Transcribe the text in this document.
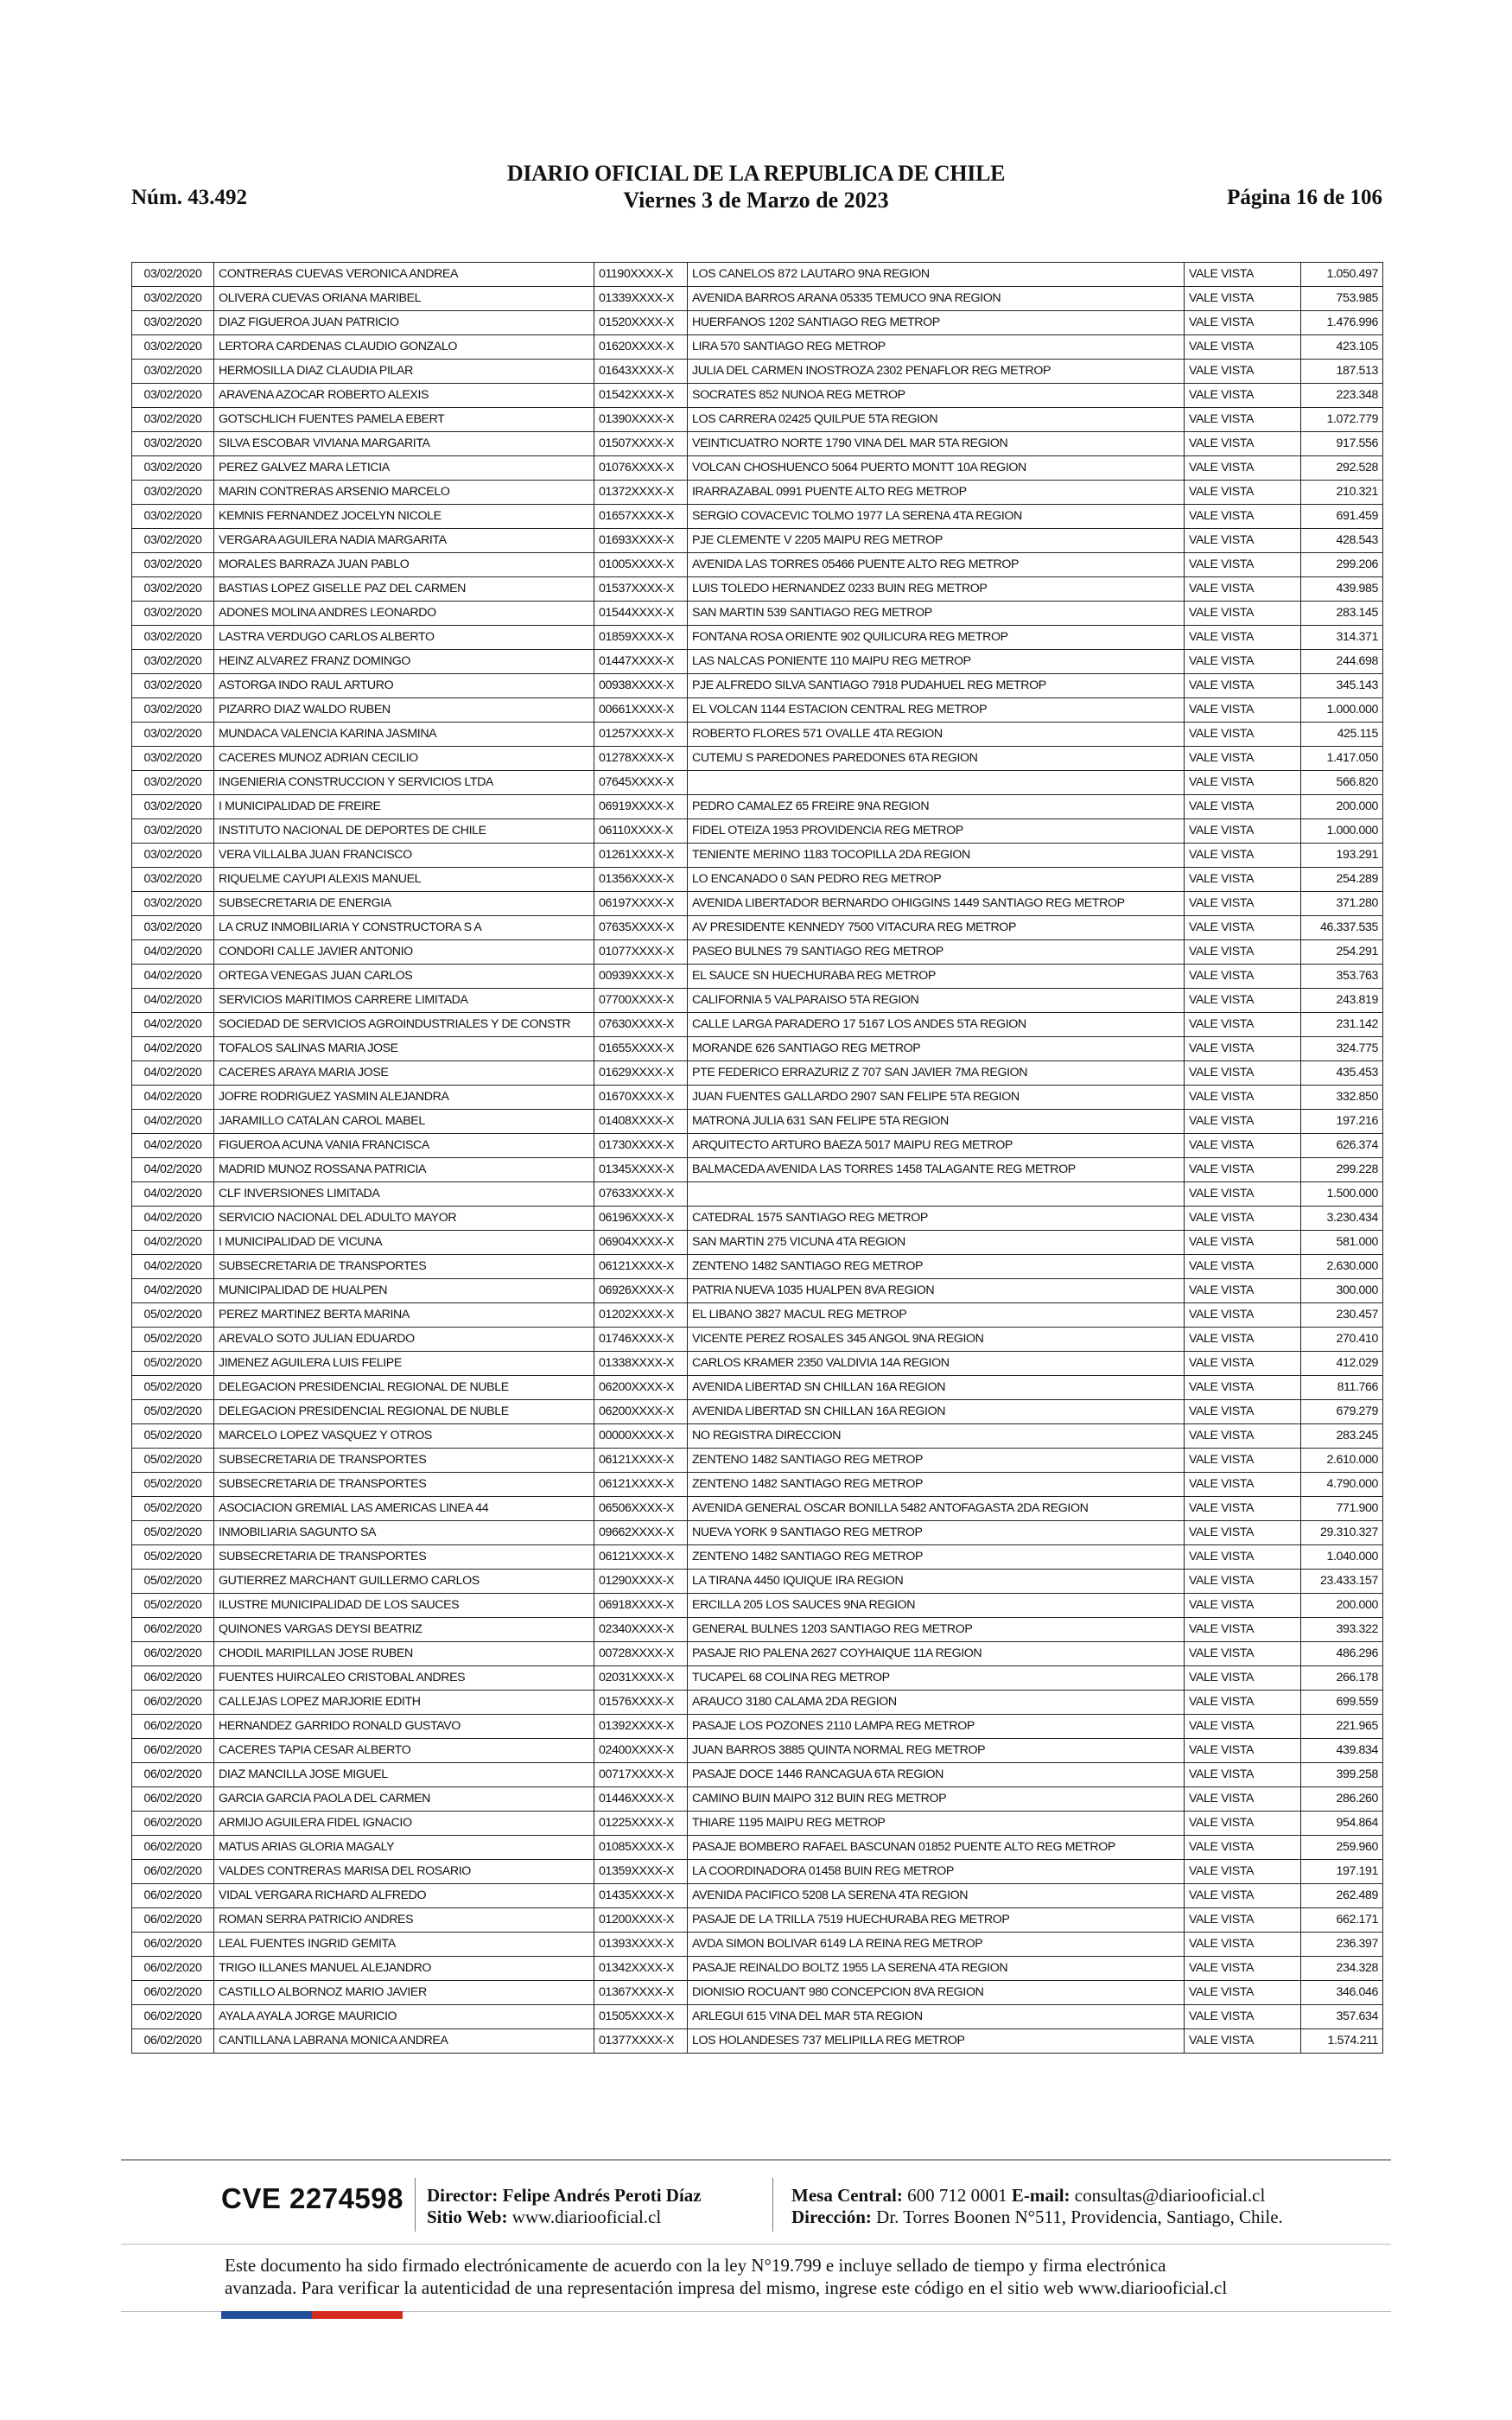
Núm. 43.492
DIARIO OFICIAL DE LA REPUBLICA DE CHILE
Viernes 3 de Marzo de 2023	Página 16 de 106
03/02/2020	CONTRERAS CUEVAS VERONICA ANDREA	01190XXXX-X	LOS CANELOS 872 LAUTARO 9NA REGION	VALE VISTA	1.050.497
03/02/2020	OLIVERA CUEVAS ORIANA MARIBEL	01339XXXX-X	AVENIDA BARROS ARANA 05335 TEMUCO 9NA REGION	VALE VISTA	753.985
03/02/2020	DIAZ FIGUEROA JUAN PATRICIO	01520XXXX-X	HUERFANOS 1202 SANTIAGO REG METROP	VALE VISTA	1.476.996
03/02/2020	LERTORA CARDENAS CLAUDIO GONZALO	01620XXXX-X	LIRA 570 SANTIAGO REG METROP	VALE VISTA	423.105
03/02/2020	HERMOSILLA DIAZ CLAUDIA PILAR	01643XXXX-X	JULIA DEL CARMEN INOSTROZA 2302 PENAFLOR REG METROP	VALE VISTA	187.513
03/02/2020	ARAVENA AZOCAR ROBERTO ALEXIS	01542XXXX-X	SOCRATES 852 NUNOA REG METROP	VALE VISTA	223.348
03/02/2020	GOTSCHLICH FUENTES PAMELA EBERT	01390XXXX-X	LOS CARRERA 02425 QUILPUE 5TA REGION	VALE VISTA	1.072.779
03/02/2020	SILVA ESCOBAR VIVIANA MARGARITA	01507XXXX-X	VEINTICUATRO NORTE 1790 VINA DEL MAR 5TA REGION	VALE VISTA	917.556
03/02/2020	PEREZ GALVEZ MARA LETICIA	01076XXXX-X	VOLCAN CHOSHUENCO 5064 PUERTO MONTT 10A REGION	VALE VISTA	292.528
03/02/2020	MARIN CONTRERAS ARSENIO MARCELO	01372XXXX-X	IRARRAZABAL 0991 PUENTE ALTO REG METROP	VALE VISTA	210.321
03/02/2020	KEMNIS FERNANDEZ JOCELYN NICOLE	01657XXXX-X	SERGIO COVACEVIC TOLMO 1977 LA SERENA 4TA REGION	VALE VISTA	691.459
03/02/2020	VERGARA AGUILERA NADIA MARGARITA	01693XXXX-X	PJE CLEMENTE V 2205 MAIPU REG METROP	VALE VISTA	428.543
03/02/2020	MORALES BARRAZA JUAN PABLO	01005XXXX-X	AVENIDA LAS TORRES 05466 PUENTE ALTO REG METROP	VALE VISTA	299.206
03/02/2020	BASTIAS LOPEZ GISELLE PAZ DEL CARMEN	01537XXXX-X	LUIS TOLEDO HERNANDEZ 0233 BUIN REG METROP	VALE VISTA	439.985
03/02/2020	ADONES MOLINA ANDRES LEONARDO	01544XXXX-X	SAN MARTIN 539 SANTIAGO REG METROP	VALE VISTA	283.145
03/02/2020	LASTRA VERDUGO CARLOS ALBERTO	01859XXXX-X	FONTANA ROSA ORIENTE 902 QUILICURA REG METROP	VALE VISTA	314.371
03/02/2020	HEINZ ALVAREZ FRANZ DOMINGO	01447XXXX-X	LAS NALCAS PONIENTE 110 MAIPU REG METROP	VALE VISTA	244.698
03/02/2020	ASTORGA INDO RAUL ARTURO	00938XXXX-X	PJE ALFREDO SILVA SANTIAGO 7918 PUDAHUEL REG METROP	VALE VISTA	345.143
03/02/2020	PIZARRO DIAZ WALDO RUBEN	00661XXXX-X	EL VOLCAN 1144 ESTACION CENTRAL REG METROP	VALE VISTA	1.000.000
03/02/2020	MUNDACA VALENCIA KARINA JASMINA	01257XXXX-X	ROBERTO FLORES 571 OVALLE 4TA REGION	VALE VISTA	425.115
03/02/2020	CACERES MUNOZ ADRIAN CECILIO	01278XXXX-X	CUTEMU S PAREDONES PAREDONES 6TA REGION	VALE VISTA	1.417.050
03/02/2020	INGENIERIA CONSTRUCCION Y SERVICIOS LTDA	07645XXXX-X		VALE VISTA	566.820
03/02/2020	I MUNICIPALIDAD DE FREIRE	06919XXXX-X	PEDRO CAMALEZ 65 FREIRE 9NA REGION	VALE VISTA	200.000
03/02/2020	INSTITUTO NACIONAL DE DEPORTES DE CHILE	06110XXXX-X	FIDEL OTEIZA 1953 PROVIDENCIA REG METROP	VALE VISTA	1.000.000
03/02/2020	VERA VILLALBA JUAN FRANCISCO	01261XXXX-X	TENIENTE MERINO 1183 TOCOPILLA 2DA REGION	VALE VISTA	193.291
03/02/2020	RIQUELME CAYUPI ALEXIS MANUEL	01356XXXX-X	LO ENCANADO 0 SAN PEDRO REG METROP	VALE VISTA	254.289
03/02/2020	SUBSECRETARIA DE ENERGIA	06197XXXX-X	AVENIDA LIBERTADOR BERNARDO OHIGGINS 1449 SANTIAGO REG METROP	VALE VISTA	371.280
03/02/2020	LA CRUZ INMOBILIARIA Y CONSTRUCTORA S A	07635XXXX-X	AV PRESIDENTE KENNEDY 7500 VITACURA REG METROP	VALE VISTA	46.337.535
04/02/2020	CONDORI CALLE JAVIER ANTONIO	01077XXXX-X	PASEO BULNES 79 SANTIAGO REG METROP	VALE VISTA	254.291
04/02/2020	ORTEGA VENEGAS JUAN CARLOS	00939XXXX-X	EL SAUCE SN HUECHURABA REG METROP	VALE VISTA	353.763
04/02/2020	SERVICIOS MARITIMOS CARRERE LIMITADA	07700XXXX-X	CALIFORNIA 5 VALPARAISO 5TA REGION	VALE VISTA	243.819
04/02/2020	SOCIEDAD DE SERVICIOS AGROINDUSTRIALES Y DE CONSTR	07630XXXX-X	CALLE LARGA PARADERO 17 5167 LOS ANDES 5TA REGION	VALE VISTA	231.142
04/02/2020	TOFALOS SALINAS MARIA JOSE	01655XXXX-X	MORANDE 626 SANTIAGO REG METROP	VALE VISTA	324.775
04/02/2020	CACERES ARAYA MARIA JOSE	01629XXXX-X	PTE FEDERICO ERRAZURIZ Z 707 SAN JAVIER 7MA REGION	VALE VISTA	435.453
04/02/2020	JOFRE RODRIGUEZ YASMIN ALEJANDRA	01670XXXX-X	JUAN FUENTES GALLARDO 2907 SAN FELIPE 5TA REGION	VALE VISTA	332.850
04/02/2020	JARAMILLO CATALAN CAROL MABEL	01408XXXX-X	MATRONA JULIA 631 SAN FELIPE 5TA REGION	VALE VISTA	197.216
04/02/2020	FIGUEROA ACUNA VANIA FRANCISCA	01730XXXX-X	ARQUITECTO ARTURO BAEZA 5017 MAIPU REG METROP	VALE VISTA	626.374
04/02/2020	MADRID MUNOZ ROSSANA PATRICIA	01345XXXX-X	BALMACEDA AVENIDA LAS TORRES 1458 TALAGANTE REG METROP	VALE VISTA	299.228
04/02/2020	CLF INVERSIONES LIMITADA	07633XXXX-X		VALE VISTA	1.500.000
04/02/2020	SERVICIO NACIONAL DEL ADULTO MAYOR	06196XXXX-X	CATEDRAL 1575 SANTIAGO REG METROP	VALE VISTA	3.230.434
04/02/2020	I MUNICIPALIDAD DE VICUNA	06904XXXX-X	SAN MARTIN 275 VICUNA 4TA REGION	VALE VISTA	581.000
04/02/2020	SUBSECRETARIA DE TRANSPORTES	06121XXXX-X	ZENTENO 1482 SANTIAGO REG METROP	VALE VISTA	2.630.000
04/02/2020	MUNICIPALIDAD DE HUALPEN	06926XXXX-X	PATRIA NUEVA 1035 HUALPEN 8VA REGION	VALE VISTA	300.000
05/02/2020	PEREZ MARTINEZ BERTA MARINA	01202XXXX-X	EL LIBANO 3827 MACUL REG METROP	VALE VISTA	230.457
05/02/2020	AREVALO SOTO JULIAN EDUARDO	01746XXXX-X	VICENTE PEREZ ROSALES 345 ANGOL 9NA REGION	VALE VISTA	270.410
05/02/2020	JIMENEZ AGUILERA LUIS FELIPE	01338XXXX-X	CARLOS KRAMER 2350 VALDIVIA 14A REGION	VALE VISTA	412.029
05/02/2020	DELEGACION PRESIDENCIAL REGIONAL DE NUBLE	06200XXXX-X	AVENIDA LIBERTAD SN CHILLAN 16A REGION	VALE VISTA	811.766
05/02/2020	DELEGACION PRESIDENCIAL REGIONAL DE NUBLE	06200XXXX-X	AVENIDA LIBERTAD SN CHILLAN 16A REGION	VALE VISTA	679.279
05/02/2020	MARCELO LOPEZ VASQUEZ Y OTROS	00000XXXX-X	NO REGISTRA DIRECCION	VALE VISTA	283.245
05/02/2020	SUBSECRETARIA DE TRANSPORTES	06121XXXX-X	ZENTENO 1482 SANTIAGO REG METROP	VALE VISTA	2.610.000
05/02/2020	SUBSECRETARIA DE TRANSPORTES	06121XXXX-X	ZENTENO 1482 SANTIAGO REG METROP	VALE VISTA	4.790.000
05/02/2020	ASOCIACION GREMIAL LAS AMERICAS LINEA 44	06506XXXX-X	AVENIDA GENERAL OSCAR BONILLA 5482 ANTOFAGASTA 2DA REGION	VALE VISTA	771.900
05/02/2020	INMOBILIARIA SAGUNTO SA	09662XXXX-X	NUEVA YORK 9 SANTIAGO REG METROP	VALE VISTA	29.310.327
05/02/2020	SUBSECRETARIA DE TRANSPORTES	06121XXXX-X	ZENTENO 1482 SANTIAGO REG METROP	VALE VISTA	1.040.000
05/02/2020	GUTIERREZ MARCHANT GUILLERMO CARLOS	01290XXXX-X	LA TIRANA 4450 IQUIQUE IRA REGION	VALE VISTA	23.433.157
05/02/2020	ILUSTRE MUNICIPALIDAD DE LOS SAUCES	06918XXXX-X	ERCILLA 205 LOS SAUCES 9NA REGION	VALE VISTA	200.000
06/02/2020	QUINONES VARGAS DEYSI BEATRIZ	02340XXXX-X	GENERAL BULNES 1203 SANTIAGO REG METROP	VALE VISTA	393.322
06/02/2020	CHODIL MARIPILLAN JOSE RUBEN	00728XXXX-X	PASAJE RIO PALENA 2627 COYHAIQUE 11A REGION	VALE VISTA	486.296
06/02/2020	FUENTES HUIRCALEO CRISTOBAL ANDRES	02031XXXX-X	TUCAPEL 68 COLINA REG METROP	VALE VISTA	266.178
06/02/2020	CALLEJAS LOPEZ MARJORIE EDITH	01576XXXX-X	ARAUCO 3180 CALAMA 2DA REGION	VALE VISTA	699.559
06/02/2020	HERNANDEZ GARRIDO RONALD GUSTAVO	01392XXXX-X	PASAJE LOS POZONES 2110 LAMPA REG METROP	VALE VISTA	221.965
06/02/2020	CACERES TAPIA CESAR ALBERTO	02400XXXX-X	JUAN BARROS 3885 QUINTA NORMAL REG METROP	VALE VISTA	439.834
06/02/2020	DIAZ MANCILLA JOSE MIGUEL	00717XXXX-X	PASAJE DOCE 1446 RANCAGUA 6TA REGION	VALE VISTA	399.258
06/02/2020	GARCIA GARCIA PAOLA DEL CARMEN	01446XXXX-X	CAMINO BUIN MAIPO 312 BUIN REG METROP	VALE VISTA	286.260
06/02/2020	ARMIJO AGUILERA FIDEL IGNACIO	01225XXXX-X	THIARE 1195 MAIPU REG METROP	VALE VISTA	954.864
06/02/2020	MATUS ARIAS GLORIA MAGALY	01085XXXX-X	PASAJE BOMBERO RAFAEL BASCUNAN 01852 PUENTE ALTO REG METROP	VALE VISTA	259.960
06/02/2020	VALDES CONTRERAS MARISA DEL ROSARIO	01359XXXX-X	LA COORDINADORA 01458 BUIN REG METROP	VALE VISTA	197.191
06/02/2020	VIDAL VERGARA RICHARD ALFREDO	01435XXXX-X	AVENIDA PACIFICO 5208 LA SERENA 4TA REGION	VALE VISTA	262.489
06/02/2020	ROMAN SERRA PATRICIO ANDRES	01200XXXX-X	PASAJE DE LA TRILLA 7519 HUECHURABA REG METROP	VALE VISTA	662.171
06/02/2020	LEAL FUENTES INGRID GEMITA	01393XXXX-X	AVDA SIMON BOLIVAR 6149 LA REINA REG METROP	VALE VISTA	236.397
06/02/2020	TRIGO ILLANES MANUEL ALEJANDRO	01342XXXX-X	PASAJE REINALDO BOLTZ 1955 LA SERENA 4TA REGION	VALE VISTA	234.328
06/02/2020	CASTILLO ALBORNOZ MARIO JAVIER	01367XXXX-X	DIONISIO ROCUANT 980 CONCEPCION 8VA REGION	VALE VISTA	346.046
06/02/2020	AYALA AYALA JORGE MAURICIO	01505XXXX-X	ARLEGUI 615 VINA DEL MAR 5TA REGION	VALE VISTA	357.634
06/02/2020	CANTILLANA LABRANA MONICA ANDREA	01377XXXX-X	LOS HOLANDESES 737 MELIPILLA REG METROP	VALE VISTA	1.574.211
CVE 2274598 Director: Felipe Andrés Peroti Díaz
Sitio Web: www.diariooficial.cl
Mesa Central: 600 712 0001 E-mail: consultas@diariooficial.cl
Dirección: Dr. Torres Boonen N°511, Providencia, Santiago, Chile.
Este documento ha sido firmado electrónicamente de acuerdo con la ley N°19.799 e incluye sellado de tiempo y firma electrónica
avanzada. Para verificar la autenticidad de una representación impresa del mismo, ingrese este código en el sitio web www.diariooficial.cl
